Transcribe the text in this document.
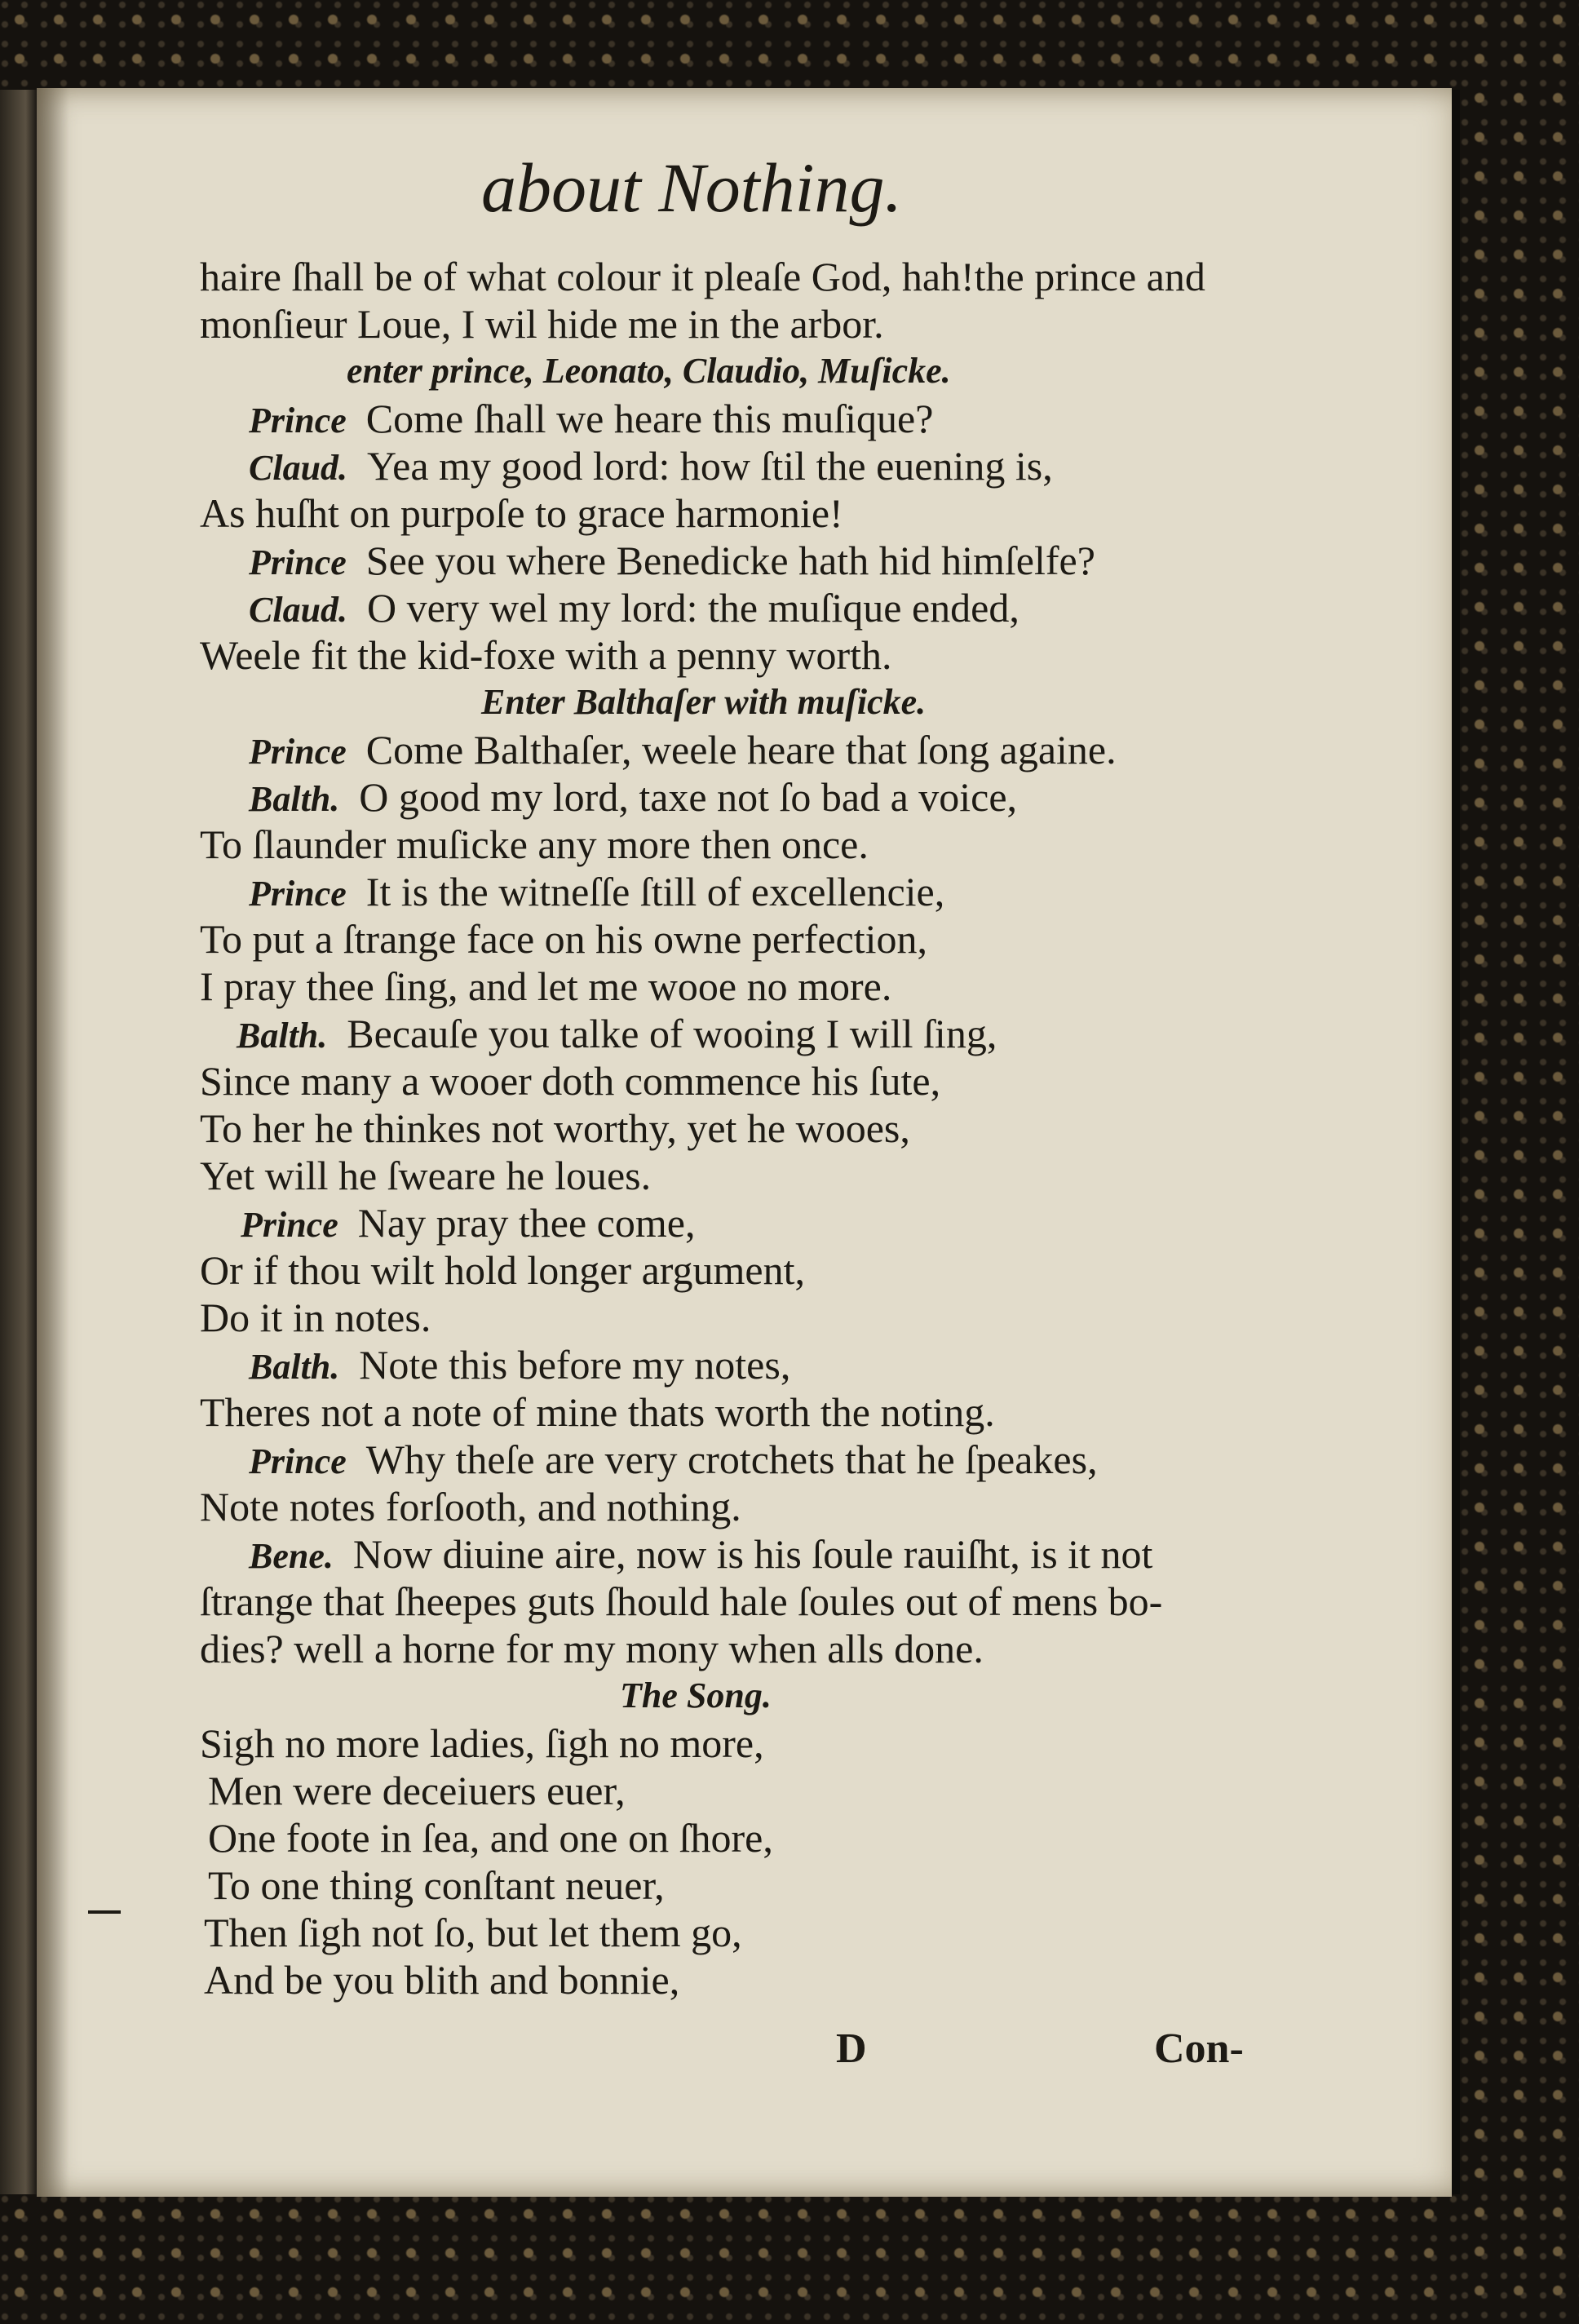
about Nothing.
haire ſhall be of what colour it pleaſe God, hah!the prince and
monſieur Loue, I wil hide me in the arbor.
enter prince, Leonato, Claudio, Muſicke.
Prince Come ſhall we heare this muſique?
Claud. Yea my good lord: how ſtil the euening is,
As huſht on purpoſe to grace harmonie!
Prince See you where Benedicke hath hid himſelfe?
Claud. O very wel my lord: the muſique ended,
Weele fit the kid-foxe with a penny worth.
Enter Balthaſer with muſicke.
Prince Come Balthaſer, weele heare that ſong againe.
Balth. O good my lord, taxe not ſo bad a voice,
To ſlaunder muſicke any more then once.
Prince It is the witneſſe ſtill of excellencie,
To put a ſtrange face on his owne perfection,
I pray thee ſing, and let me wooe no more.
Balth. Becauſe you talke of wooing I will ſing,
Since many a wooer doth commence his ſute,
To her he thinkes not worthy, yet he wooes,
Yet will he ſweare he loues.
Prince Nay pray thee come,
Or if thou wilt hold longer argument,
Do it in notes.
Balth. Note this before my notes,
Theres not a note of mine thats worth the noting.
Prince Why theſe are very crotchets that he ſpeakes,
Note notes forſooth, and nothing.
Bene. Now diuine aire, now is his ſoule rauiſht, is it not
ſtrange that ſheepes guts ſhould hale ſoules out of mens bo-
dies? well a horne for my mony when alls done.
The Song.
Sigh no more ladies, ſigh no more,
Men were deceiuers euer,
One foote in ſea, and one on ſhore,
To one thing conſtant neuer,
Then ſigh not ſo, but let them go,
And be you blith and bonnie,
D	Con-
